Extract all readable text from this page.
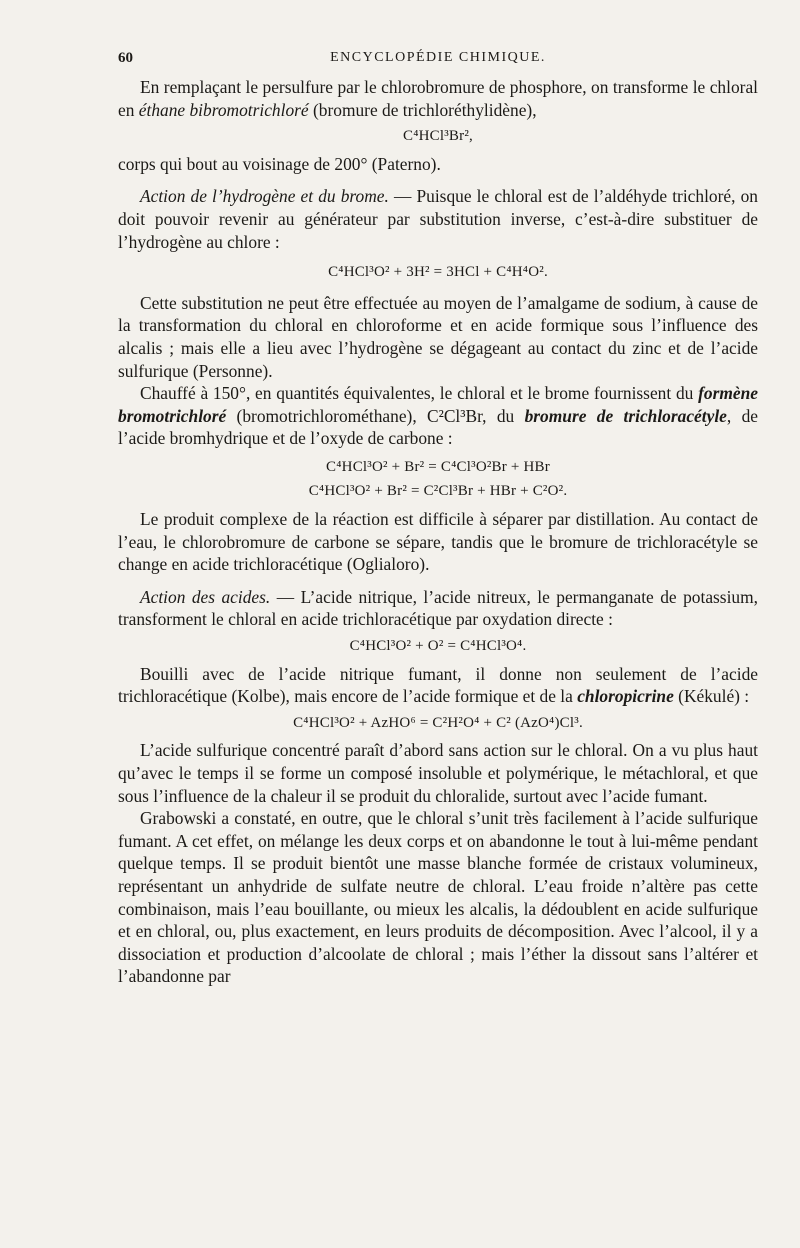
60	ENCYCLOPÉDIE CHIMIQUE.

En remplaçant le persulfure par le chlorobromure de phosphore, on transforme le chloral en éthane bibromotrichloré (bromure de trichloréthylidène),

C⁴HCl³Br²,

corps qui bout au voisinage de 200° (Paterno).

Action de l’hydrogène et du brome. — Puisque le chloral est de l’aldéhyde trichloré, on doit pouvoir revenir au générateur par substitution inverse, c’est-à-dire substituer de l’hydrogène au chlore :

C⁴HCl³O² + 3H² = 3HCl + C⁴H⁴O².

Cette substitution ne peut être effectuée au moyen de l’amalgame de sodium, à cause de la transformation du chloral en chloroforme et en acide formique sous l’influence des alcalis ; mais elle a lieu avec l’hydrogène se dégageant au contact du zinc et de l’acide sulfurique (Personne).

Chauffé à 150°, en quantités équivalentes, le chloral et le brome fournissent du formène bromotrichloré (bromotrichlorométhane), C²Cl³Br, du bromure de trichloracétyle, de l’acide bromhydrique et de l’oxyde de carbone :

C⁴HCl³O² + Br² = C⁴Cl³O²Br + HBr
C⁴HCl³O² + Br² = C²Cl³Br + HBr + C²O².

Le produit complexe de la réaction est difficile à séparer par distillation. Au contact de l’eau, le chlorobromure de carbone se sépare, tandis que le bromure de trichloracétyle se change en acide trichloracétique (Oglialoro).

Action des acides. — L’acide nitrique, l’acide nitreux, le permanganate de potassium, transforment le chloral en acide trichloracétique par oxydation directe :

C⁴HCl³O² + O² = C⁴HCl³O⁴.

Bouilli avec de l’acide nitrique fumant, il donne non seulement de l’acide trichloracétique (Kolbe), mais encore de l’acide formique et de la chloropicrine (Kékulé) :

C⁴HCl³O² + AzHO⁶ = C²H²O⁴ + C² (AzO⁴)Cl³.

L’acide sulfurique concentré paraît d’abord sans action sur le chloral. On a vu plus haut qu’avec le temps il se forme un composé insoluble et polymérique, le métachloral, et que sous l’influence de la chaleur il se produit du chloralide, surtout avec l’acide fumant.

Grabowski a constaté, en outre, que le chloral s’unit très facilement à l’acide sulfurique fumant. A cet effet, on mélange les deux corps et on abandonne le tout à lui-même pendant quelque temps. Il se produit bientôt une masse blanche formée de cristaux volumineux, représentant un anhydride de sulfate neutre de chloral. L’eau froide n’altère pas cette combinaison, mais l’eau bouillante, ou mieux les alcalis, la dédoublent en acide sulfurique et en chloral, ou, plus exactement, en leurs produits de décomposition. Avec l’alcool, il y a dissociation et production d’alcoolate de chloral ; mais l’éther la dissout sans l’altérer et l’abandonne par
